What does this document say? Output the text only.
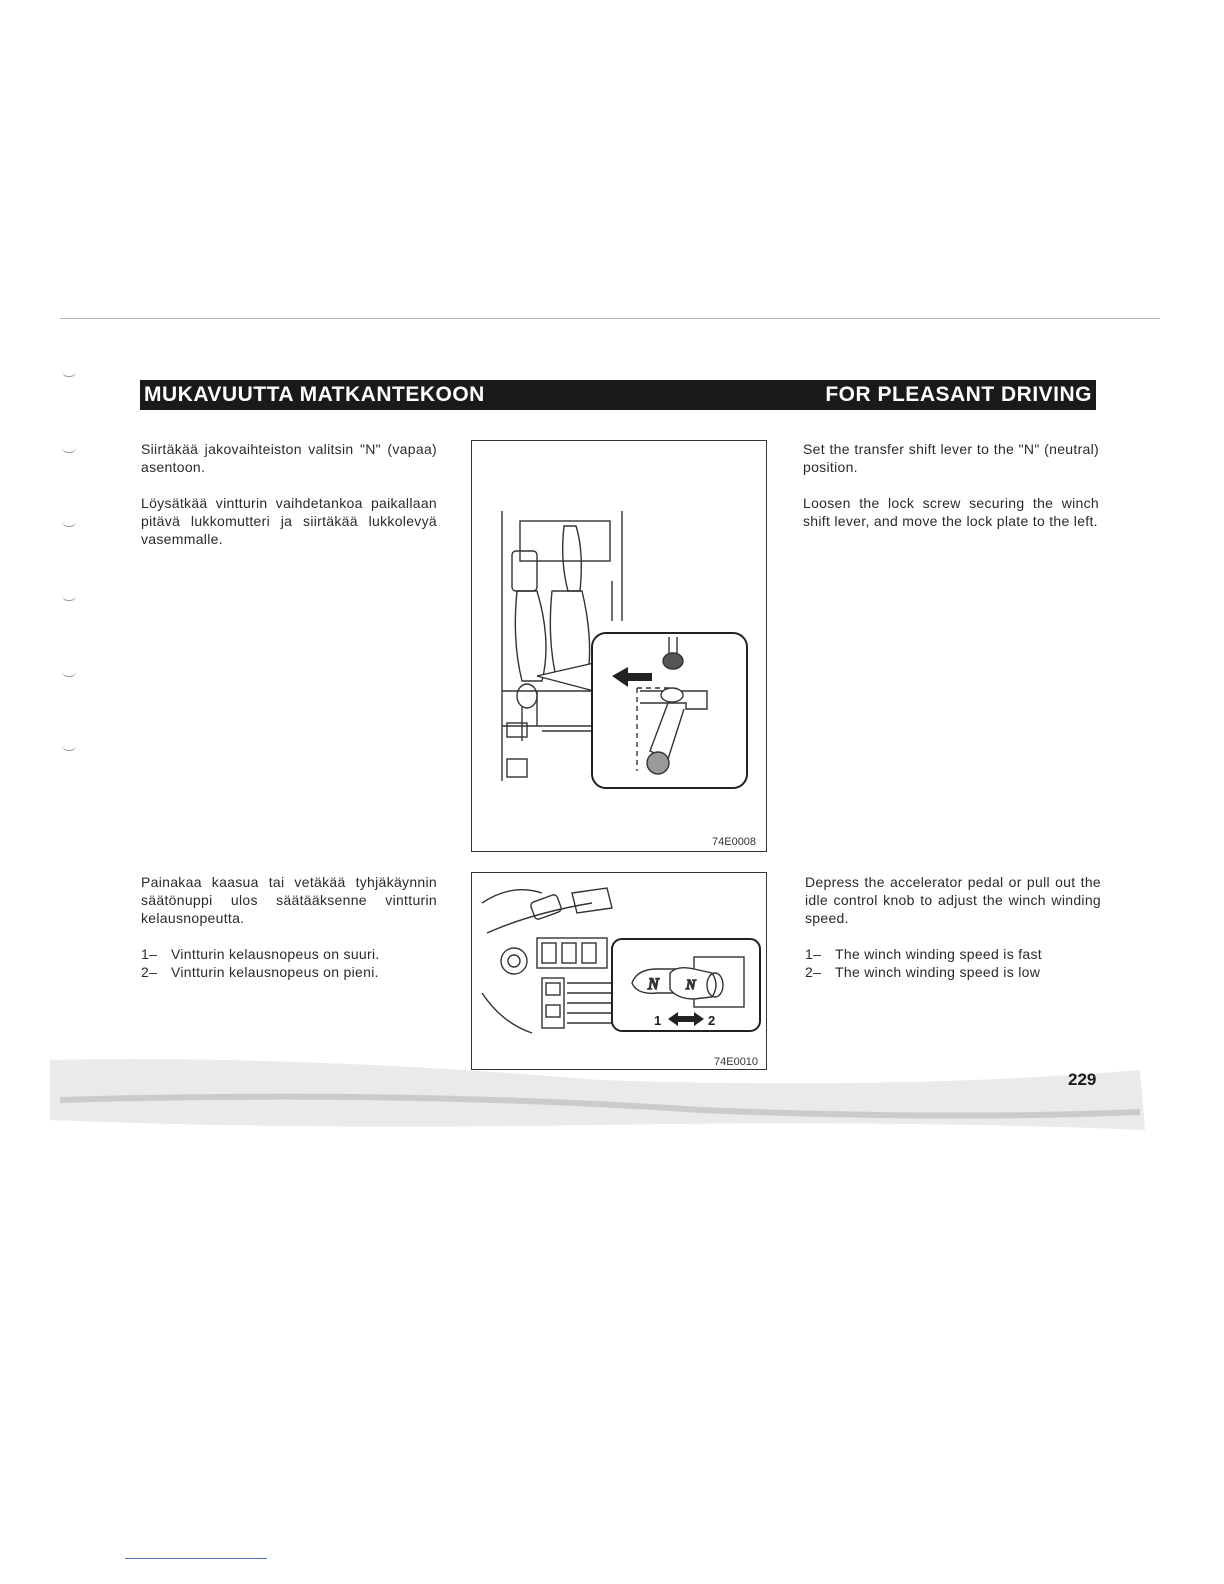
MUKAVUUTTA MATKANTEKOON	FOR PLEASANT DRIVING

Siirtäkää jakovaihteiston valitsin "N" (vapaa) asentoon.

Löysätkää vintturin vaihdetankoa paikallaan pitävä lukkomutteri ja siirtäkää lukkolevyä vasemmalle.

74E0008

Set the transfer shift lever to the "N" (neutral) position.

Loosen the lock screw securing the winch shift lever, and move the lock plate to the left.

Painakaa kaasua tai vetäkää tyhjäkäynnin säätönuppi ulos säätääksenne vintturin kelausnopeutta.

1– Vintturin kelausnopeus on suuri.
2– Vintturin kelausnopeus on pieni.
N N
1	2
74E0010

Depress the accelerator pedal or pull out the idle control knob to adjust the winch winding speed.

1– The winch winding speed is fast
2– The winch winding speed is low
229
